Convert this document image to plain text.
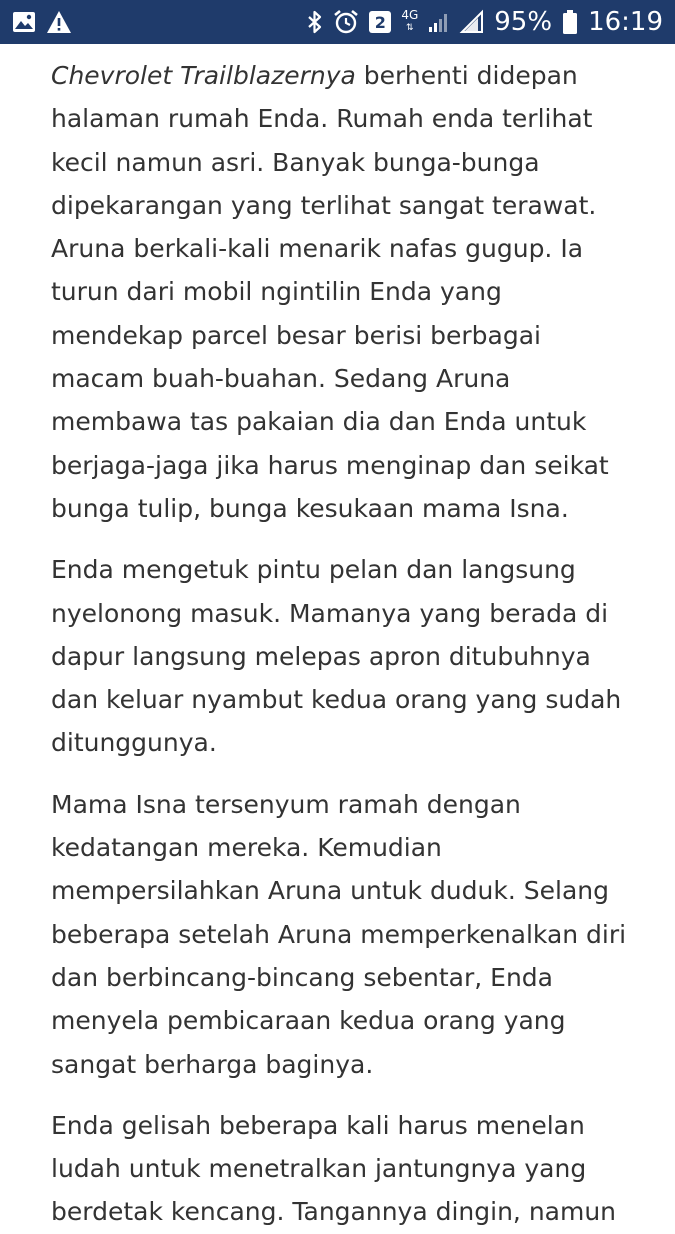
2	4G
⇅	95% 16:19

Chevrolet Trailblazernya berhenti didepan halaman rumah Enda. Rumah enda terlihat kecil namun asri. Banyak bunga-bunga dipekarangan yang terlihat sangat terawat. Aruna berkali-kali menarik nafas gugup. Ia turun dari mobil ngintilin Enda yang mendekap parcel besar berisi berbagai macam buah-buahan. Sedang Aruna membawa tas pakaian dia dan Enda untuk berjaga-jaga jika harus menginap dan seikat bunga tulip, bunga kesukaan mama Isna.

Enda mengetuk pintu pelan dan langsung nyelonong masuk. Mamanya yang berada di dapur langsung melepas apron ditubuhnya dan keluar nyambut kedua orang yang sudah ditunggunya.

Mama Isna tersenyum ramah dengan kedatangan mereka. Kemudian mempersilahkan Aruna untuk duduk. Selang beberapa setelah Aruna memperkenalkan diri dan berbincang-bincang sebentar, Enda menyela pembicaraan kedua orang yang sangat berharga baginya.

Enda gelisah beberapa kali harus menelan ludah untuk menetralkan jantungnya yang berdetak kencang. Tangannya dingin, namun
